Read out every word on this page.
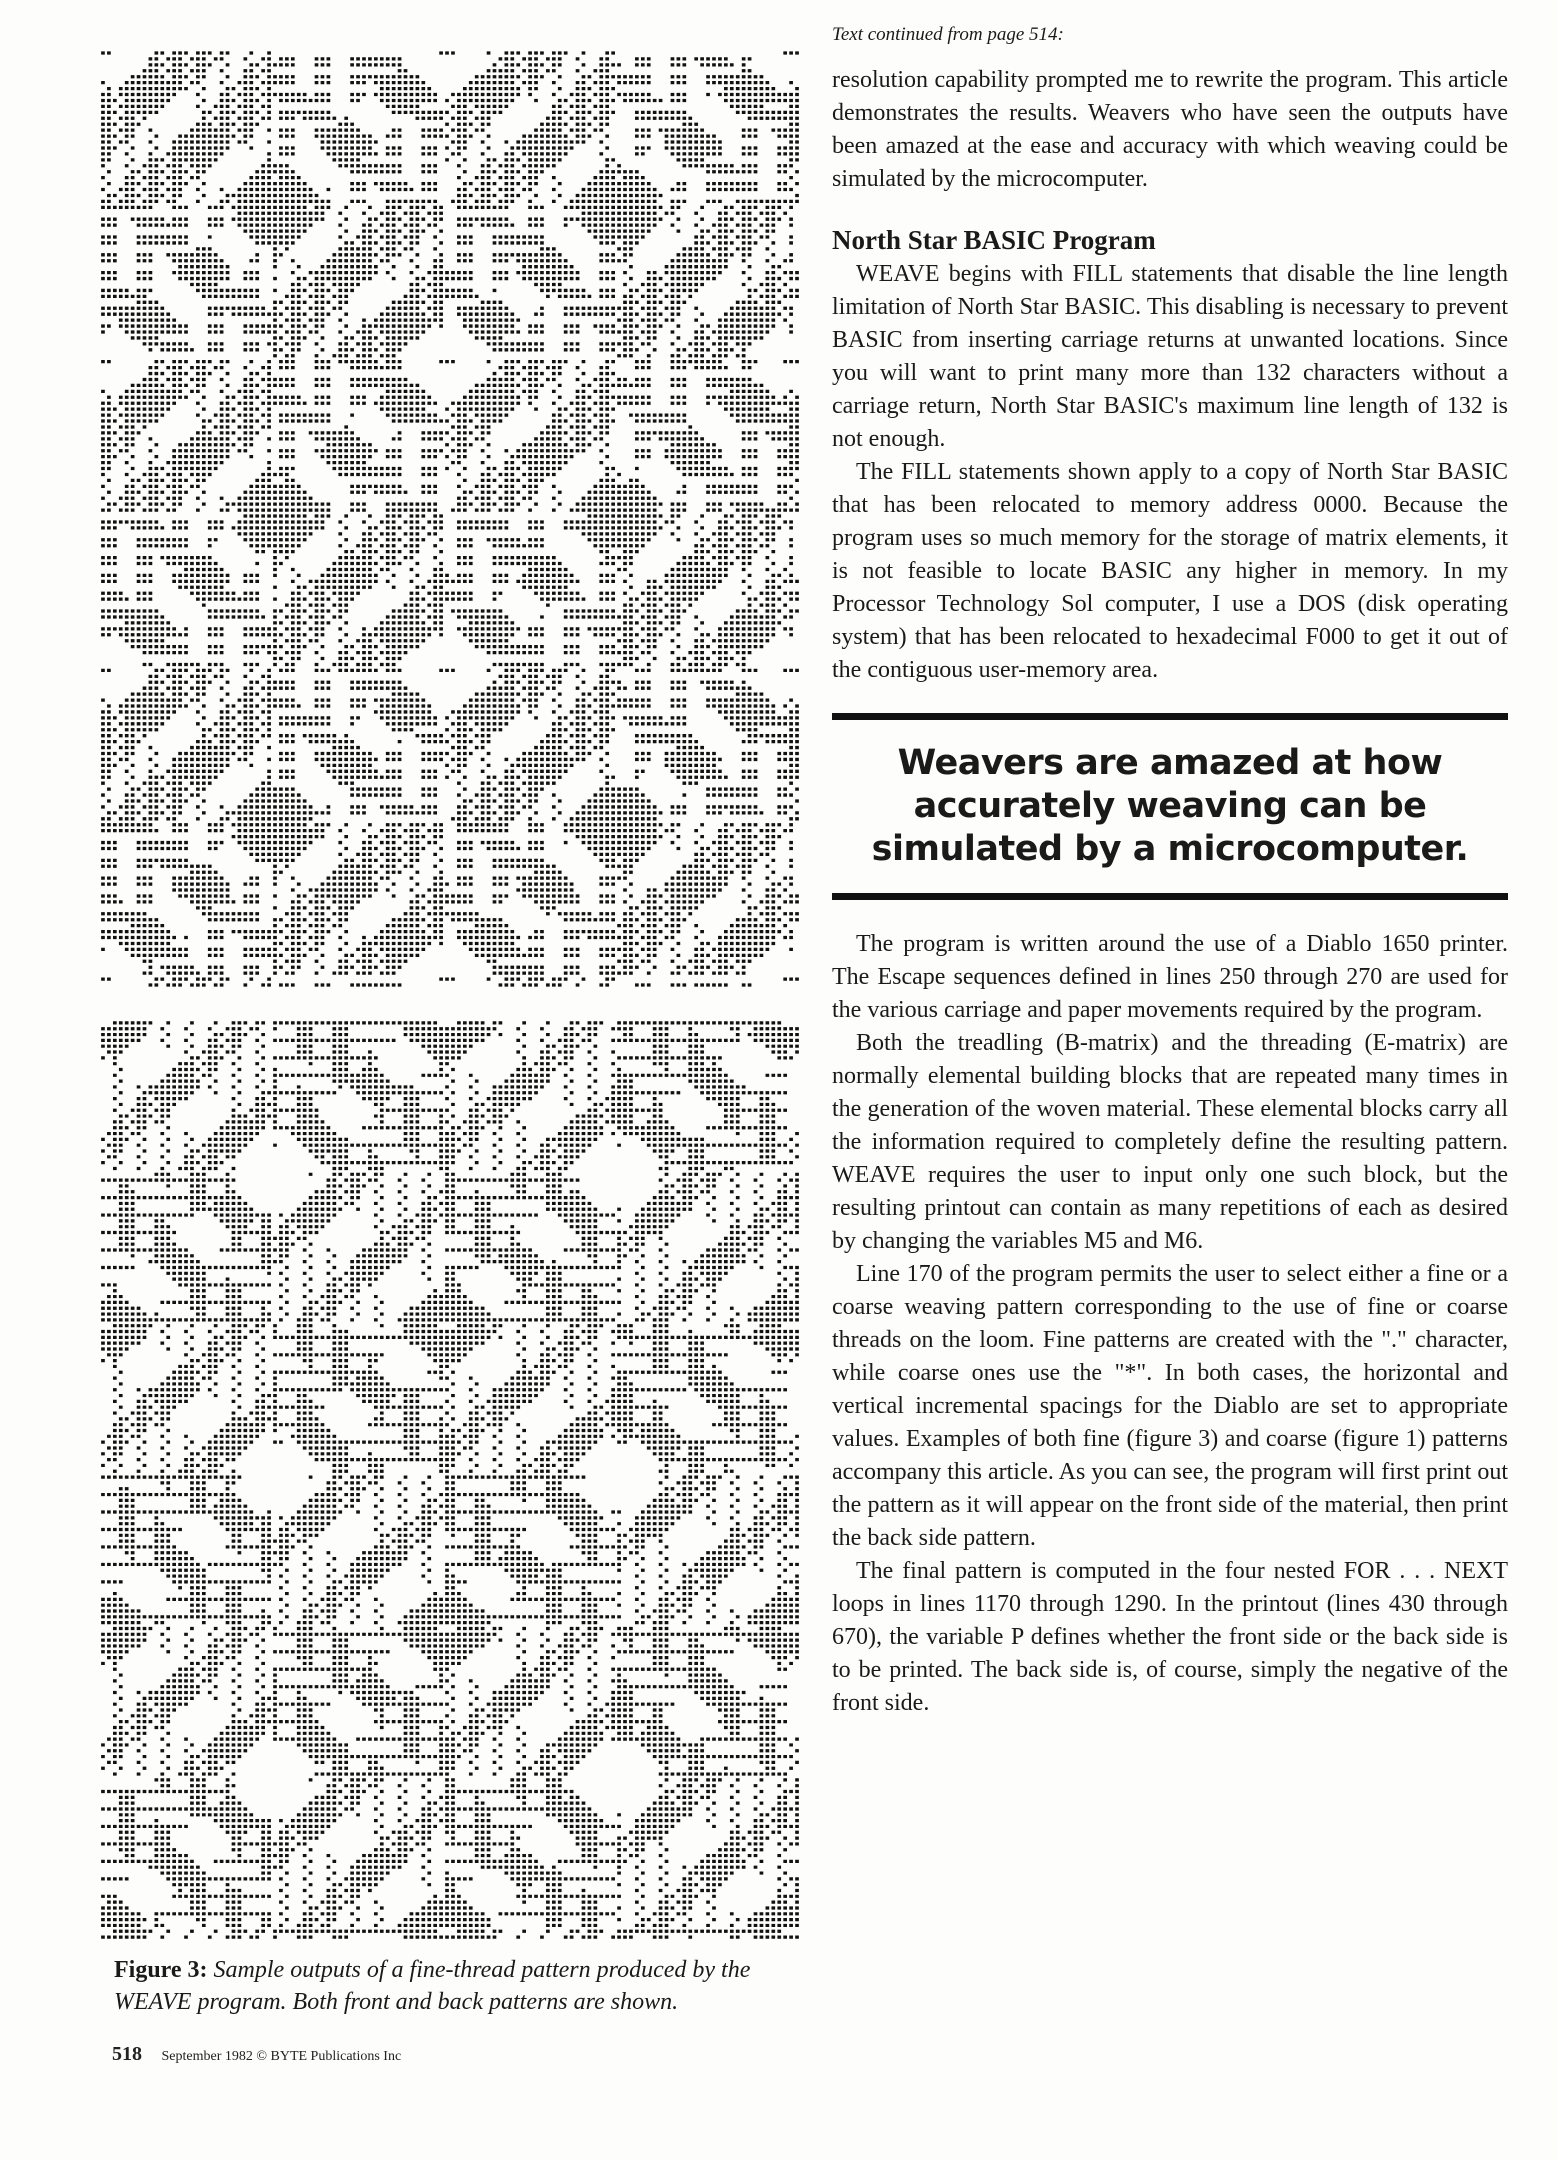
Figure 3: Sample outputs of a fine-thread pattern produced by the WEAVE program. Both front and back patterns are shown.
518 September 1982 © BYTE Publications Inc
Text continued from page 514:

resolution capability prompted me to rewrite the program. This article demonstrates the results. Weavers who have seen the outputs have been amazed at the ease and accuracy with which weaving could be simulated by the microcomputer.

North Star BASIC Program

WEAVE begins with FILL statements that disable the line length limitation of North Star BASIC. This disabling is necessary to prevent BASIC from inserting carriage returns at unwanted locations. Since you will want to print many more than 132 characters without a carriage return, North Star BASIC's maximum line length of 132 is not enough.

The FILL statements shown apply to a copy of North Star BASIC that has been relocated to memory address 0000. Because the program uses so much memory for the storage of matrix elements, it is not feasible to locate BASIC any higher in memory. In my Processor Technology Sol computer, I use a DOS (disk operating system) that has been relocated to hexadecimal F000 to get it out of the contiguous user-memory area.

Weavers are amazed at how accurately weaving can be simulated by a microcomputer.

The program is written around the use of a Diablo 1650 printer. The Escape sequences defined in lines 250 through 270 are used for the various carriage and paper movements required by the program.

Both the treadling (B-matrix) and the threading (E-matrix) are normally elemental building blocks that are repeated many times in the generation of the woven material. These elemental blocks carry all the information required to completely define the resulting pattern. WEAVE requires the user to input only one such block, but the resulting printout can contain as many repetitions of each as desired by changing the variables M5 and M6.

Line 170 of the program permits the user to select either a fine or a coarse weaving pattern corresponding to the use of fine or coarse threads on the loom. Fine patterns are created with the "." character, while coarse ones use the "*". In both cases, the horizontal and vertical incremental spacings for the Diablo are set to appropriate values. Examples of both fine (figure 3) and coarse (figure 1) patterns accompany this article. As you can see, the program will first print out the pattern as it will appear on the front side of the material, then print the back side pattern.

The final pattern is computed in the four nested FOR . . . NEXT loops in lines 1170 through 1290. In the printout (lines 430 through 670), the variable P defines whether the front side or the back side is to be printed. The back side is, of course, simply the negative of the front side.
